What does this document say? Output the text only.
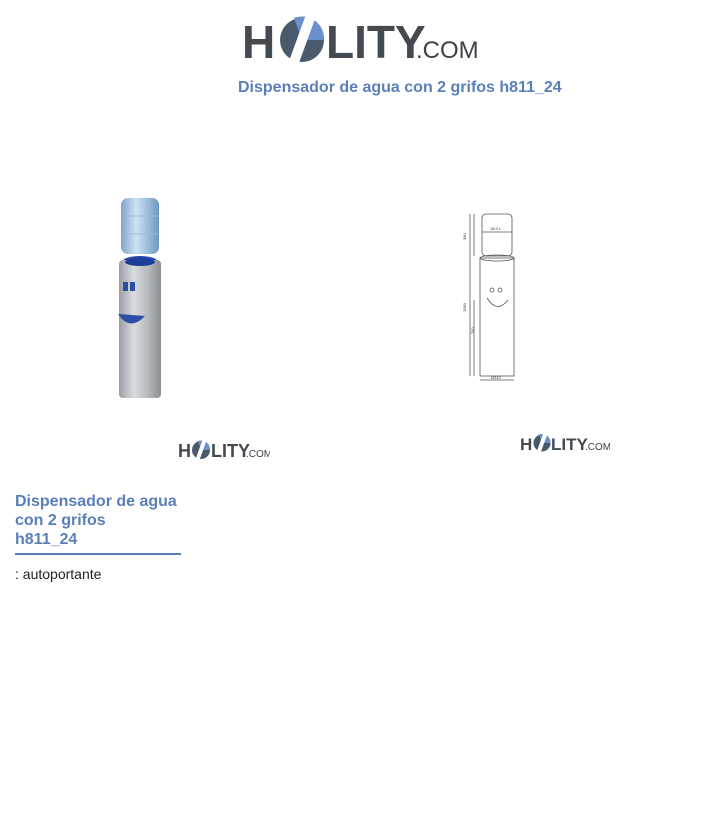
H LITY
.COM
Dispensador de agua con 2 grifos h811_24
18.9 L
380
1060
750
Ø310
H LITY
.COM
H LITY
.COM
Dispensador de agua
con 2 grifos
h811_24
: autoportante
